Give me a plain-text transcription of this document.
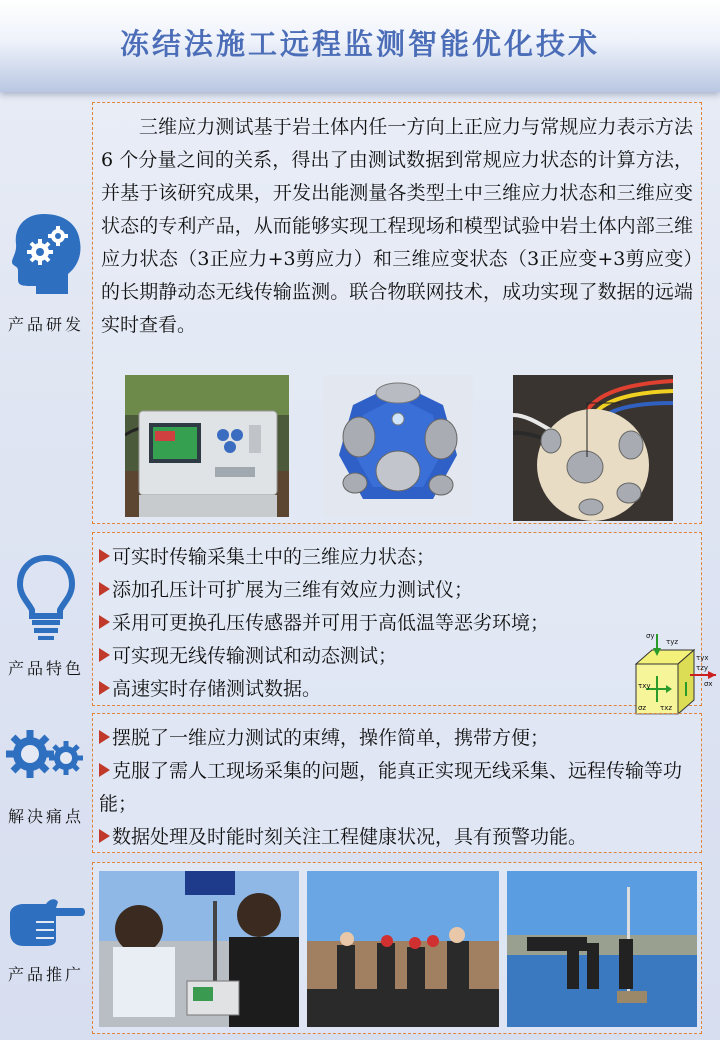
冻结法施工远程监测智能优化技术
产品研发
三维应力测试基于岩土体内任一方向上正应力与常规应力表示方法 6 个分量之间的关系，得出了由测试数据到常规应力状态的计算方法，并基于该研究成果，开发出能测量各类型土中三维应力状态和三维应变状态的专利产品，从而能够实现工程现场和模型试验中岩土体内部三维应力状态（3正应力+3剪应力）和三维应变状态（3正应变+3剪应变）的长期静动态无线传输监测。联合物联网技术，成功实现了数据的远端实时查看。
产品特色
可实时传输采集土中的三维应力状态；
添加孔压计可扩展为三维有效应力测试仪；
采用可更换孔压传感器并可用于高低温等恶劣环境；
可实现无线传输测试和动态测试；
高速实时存储测试数据。
σy
τyz
τyx
τzy
σx
τxy
τxz
σz
解决痛点
摆脱了一维应力测试的束缚，操作简单，携带方便；
克服了需人工现场采集的问题，能真正实现无线采集、远程传输等功能；
数据处理及时能时刻关注工程健康状况，具有预警功能。
产品推广
